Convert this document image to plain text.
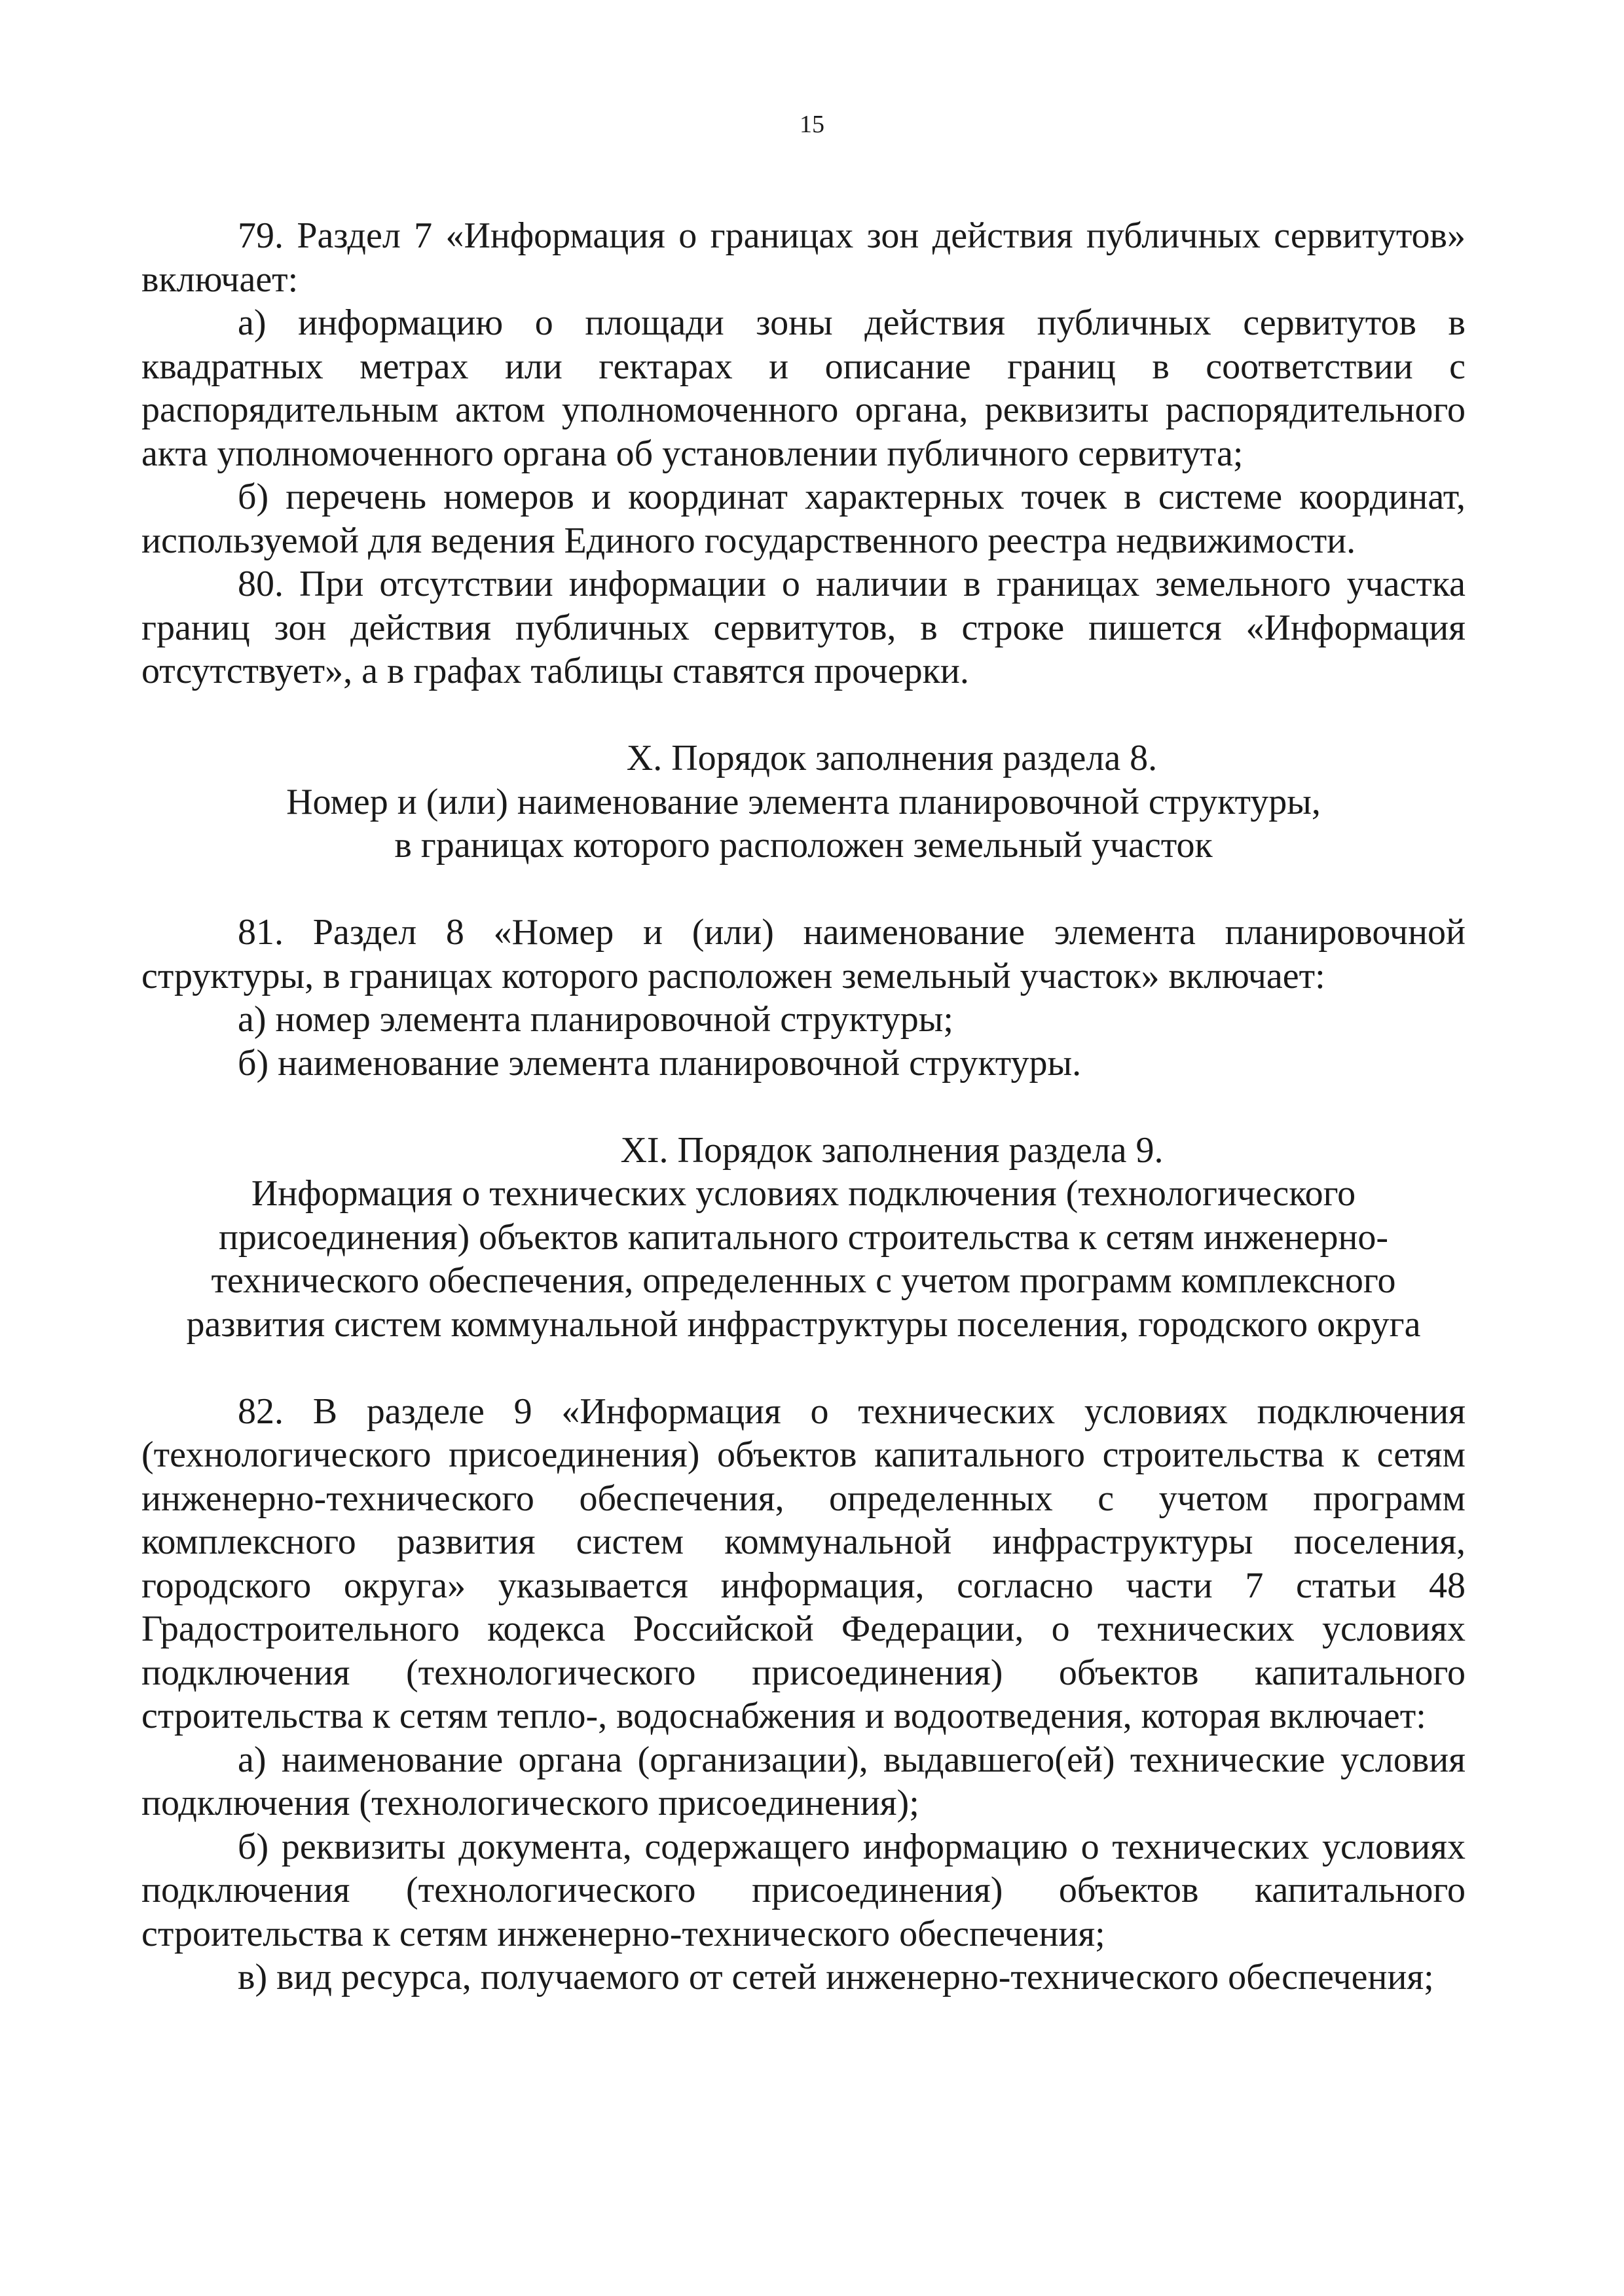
15

79. Раздел 7 «Информация о границах зон действия публичных сервитутов» включает:

а) информацию о площади зоны действия публичных сервитутов в квадратных метрах или гектарах и описание границ в соответствии с распорядительным актом уполномоченного органа, реквизиты распорядительного акта уполномоченного органа об установлении публичного сервитута;

б) перечень номеров и координат характерных точек в системе координат, используемой для ведения Единого государственного реестра недвижимости.

80. При отсутствии информации о наличии в границах земельного участка границ зон действия публичных сервитутов, в строке пишется «Информация отсутствует», а в графах таблицы ставятся прочерки.

X. Порядок заполнения раздела 8.

Номер и (или) наименование элемента планировочной структуры,

в границах которого расположен земельный участок

81. Раздел 8 «Номер и (или) наименование элемента планировочной структуры, в границах которого расположен земельный участок» включает:

а) номер элемента планировочной структуры;

б) наименование элемента планировочной структуры.

XI. Порядок заполнения раздела 9.

Информация о технических условиях подключения (технологического

присоединения) объектов капитального строительства к сетям инженерно-

технического обеспечения, определенных с учетом программ комплексного

развития систем коммунальной инфраструктуры поселения, городского округа

82. В разделе 9 «Информация о технических условиях подключения (технологического присоединения) объектов капитального строительства к сетям инженерно-технического обеспечения, определенных с учетом программ комплексного развития систем коммунальной инфраструктуры поселения, городского округа» указывается информация, согласно части 7 статьи 48 Градостроительного кодекса Российской Федерации, о технических условиях подключения (технологического присоединения) объектов капитального строительства к сетям тепло-, водоснабжения и водоотведения, которая включает:

а) наименование органа (организации), выдавшего(ей) технические условия подключения (технологического присоединения);

б) реквизиты документа, содержащего информацию о технических условиях подключения (технологического присоединения) объектов капитального строительства к сетям инженерно-технического обеспечения;

в) вид ресурса, получаемого от сетей инженерно-технического обеспечения;
